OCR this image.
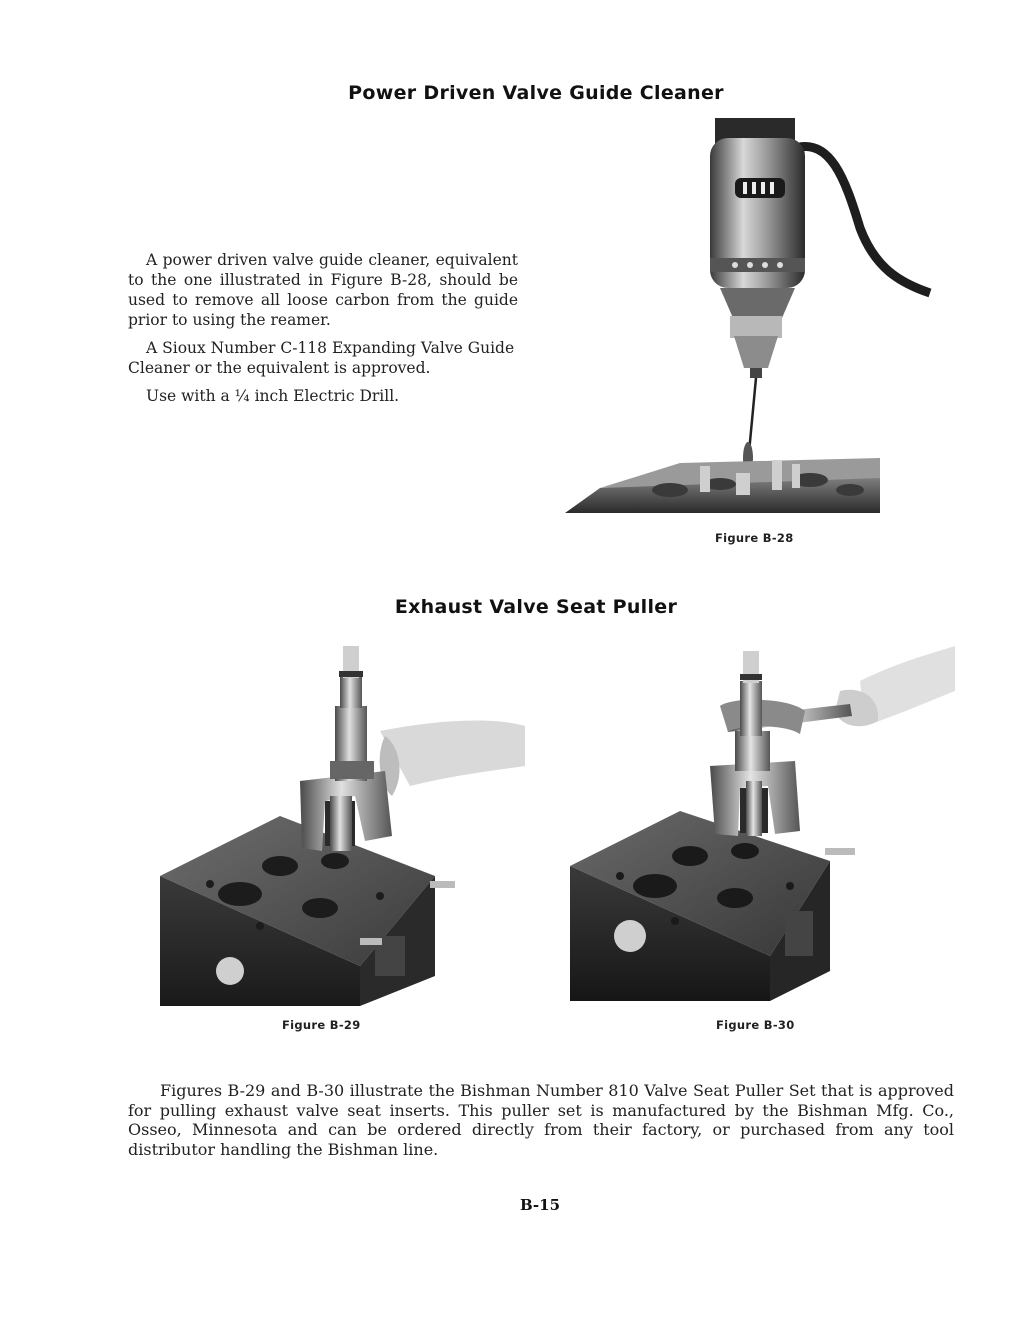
Power Driven Valve Guide Cleaner

A power driven valve guide cleaner, equivalent to the one illustrated in Figure B-28, should be used to remove all loose carbon from the guide prior to using the reamer.

A Sioux Number C-118 Expanding Valve Guide Cleaner or the equivalent is approved.

Use with a ¼ inch Electric Drill.

Figure B-28
Exhaust Valve Seat Puller
Figure B-29	Figure B-30

Figures B-29 and B-30 illustrate the Bishman Number 810 Valve Seat Puller Set that is approved for pulling exhaust valve seat inserts. This puller set is manufactured by the Bishman Mfg. Co., Osseo, Minnesota and can be ordered directly from their factory, or purchased from any tool distributor handling the Bishman line.

B-15
